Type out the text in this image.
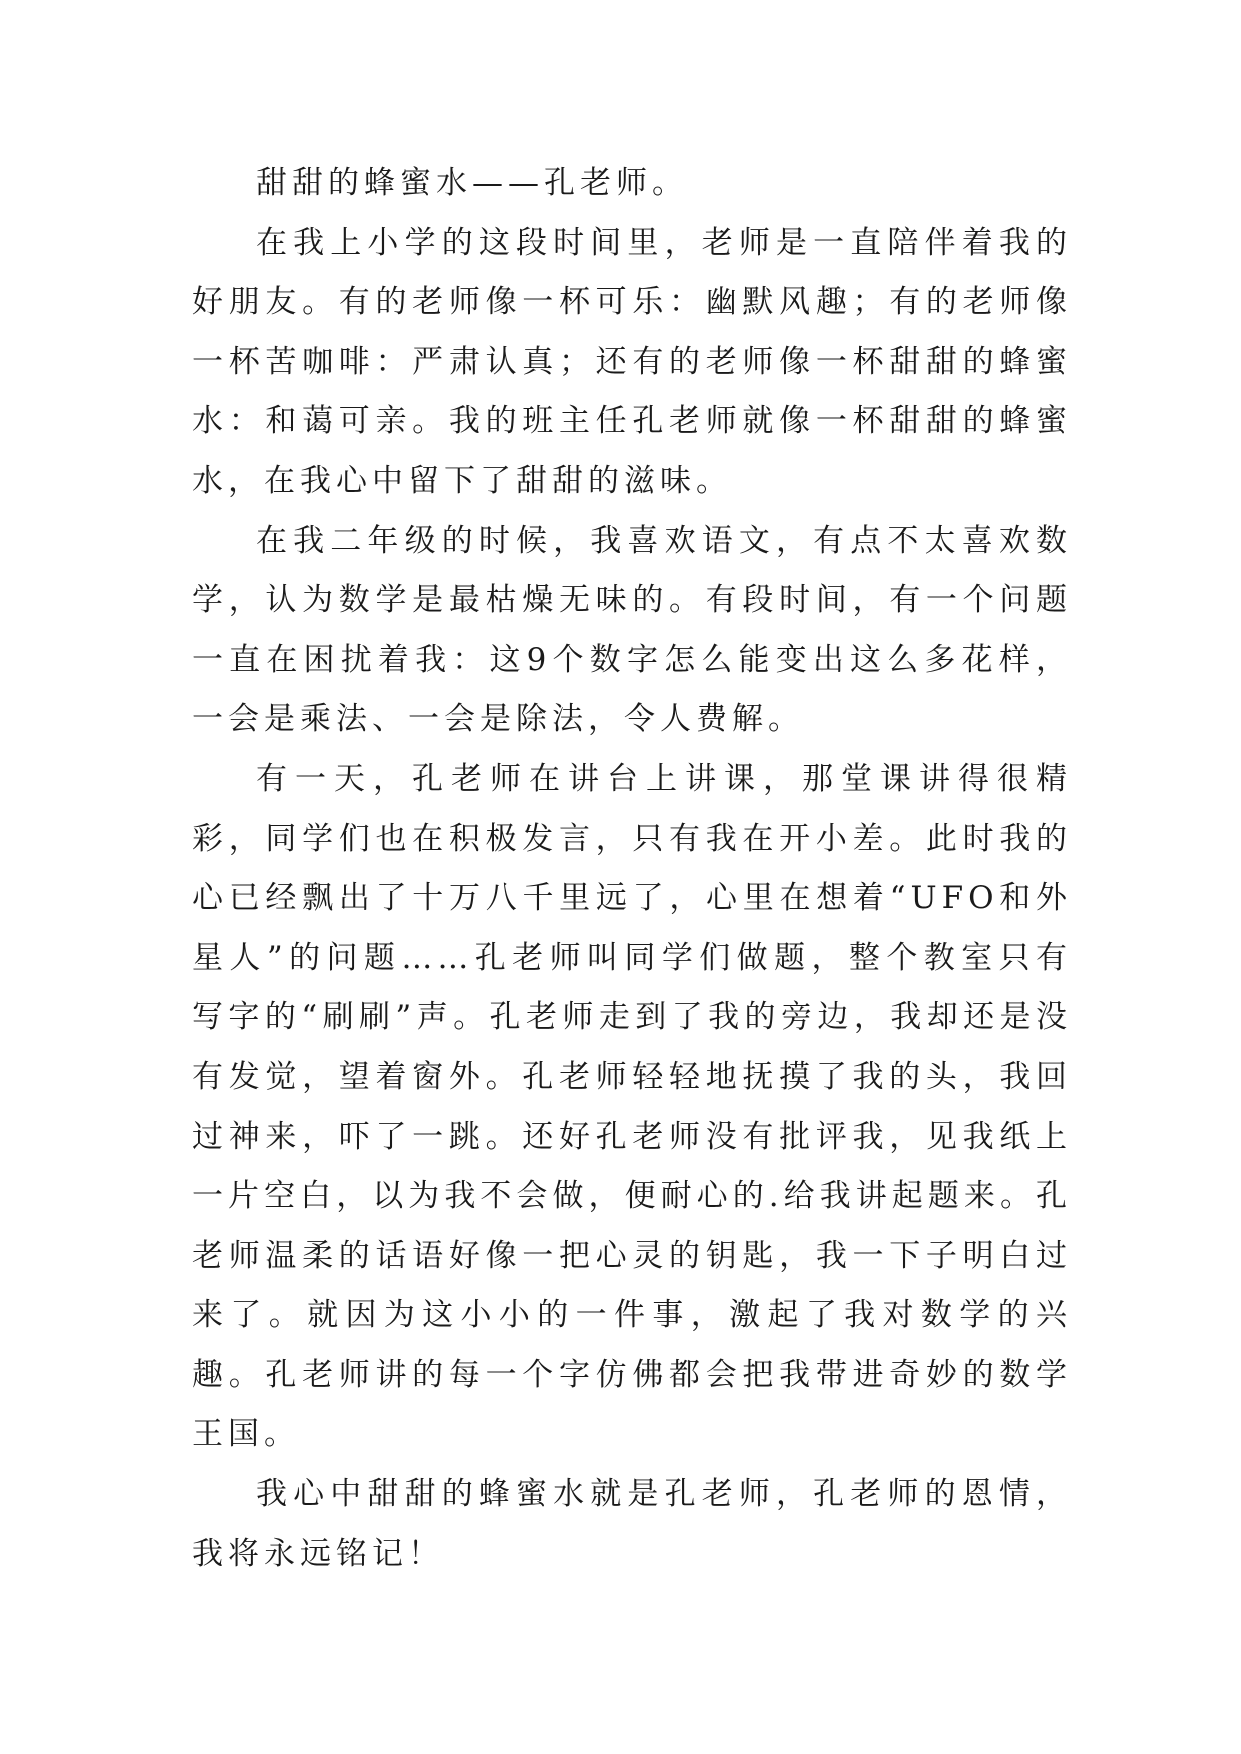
甜甜的蜂蜜水——孔老师。

在我上小学的这段时间里，老师是一直陪伴着我的好朋友。有的老师像一杯可乐：幽默风趣；有的老师像一杯苦咖啡：严肃认真；还有的老师像一杯甜甜的蜂蜜水：和蔼可亲。我的班主任孔老师就像一杯甜甜的蜂蜜水，在我心中留下了甜甜的滋味。

在我二年级的时候，我喜欢语文，有点不太喜欢数学，认为数学是最枯燥无味的。有段时间，有一个问题一直在困扰着我：这9个数字怎么能变出这么多花样，一会是乘法、一会是除法，令人费解。

有一天，孔老师在讲台上讲课，那堂课讲得很精彩，同学们也在积极发言，只有我在开小差。此时我的心已经飘出了十万八千里远了，心里在想着“UFO和外星人”的问题……孔老师叫同学们做题，整个教室只有写字的“刷刷”声。孔老师走到了我的旁边，我却还是没有发觉，望着窗外。孔老师轻轻地抚摸了我的头，我回过神来，吓了一跳。还好孔老师没有批评我，见我纸上一片空白，以为我不会做，便耐心的.给我讲起题来。孔老师温柔的话语好像一把心灵的钥匙，我一下子明白过来了。就因为这小小的一件事，激起了我对数学的兴趣。孔老师讲的每一个字仿佛都会把我带进奇妙的数学王国。

我心中甜甜的蜂蜜水就是孔老师，孔老师的恩情，我将永远铭记！
